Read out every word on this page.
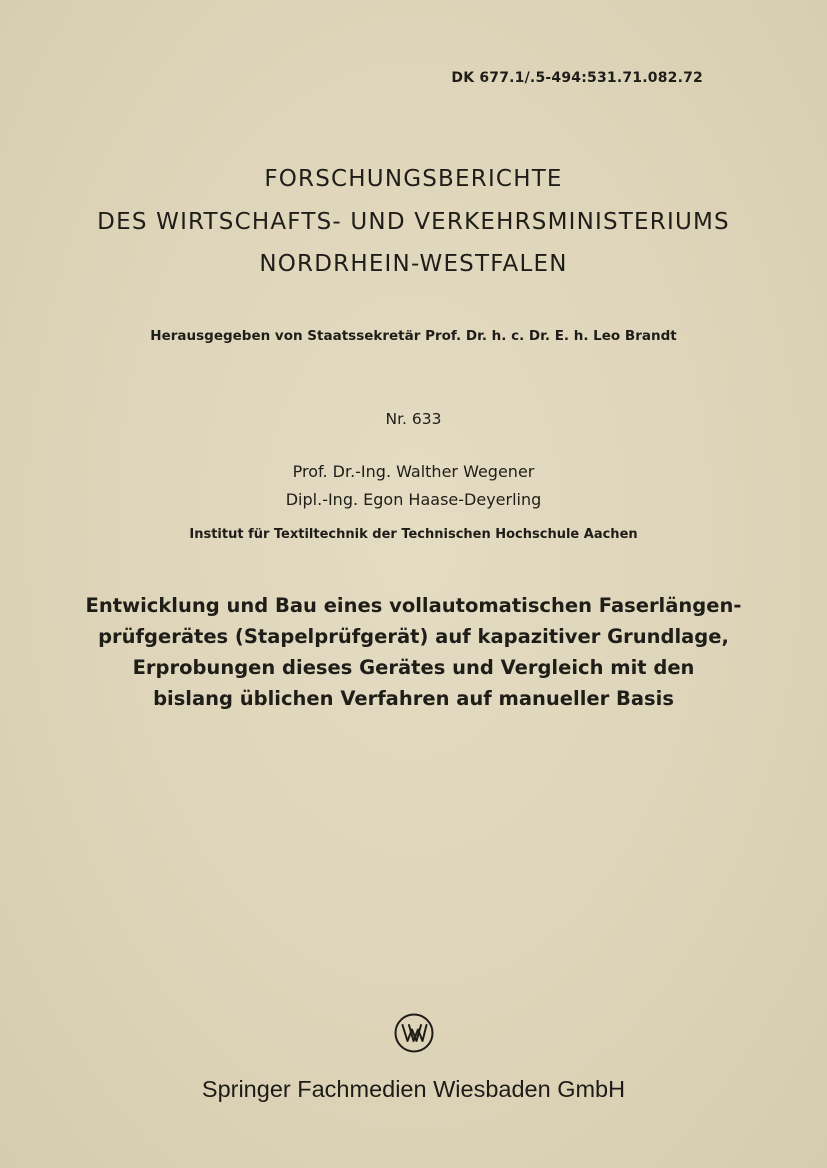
DK 677.1/.5-494:531.71.082.72
FORSCHUNGSBERICHTE
DES WIRTSCHAFTS- UND VERKEHRSMINISTERIUMS
NORDRHEIN-WESTFALEN
Herausgegeben von Staatssekretär Prof. Dr. h. c. Dr. E. h. Leo Brandt
Nr. 633
Prof. Dr.-Ing. Walther Wegener
Dipl.-Ing. Egon Haase-Deyerling
Institut für Textiltechnik der Technischen Hochschule Aachen
Entwicklung und Bau eines vollautomatischen Faserlängen-
prüfgerätes (Stapelprüfgerät) auf kapazitiver Grundlage,
Erprobungen dieses Gerätes und Vergleich mit den
bislang üblichen Verfahren auf manueller Basis
Springer Fachmedien Wiesbaden GmbH
